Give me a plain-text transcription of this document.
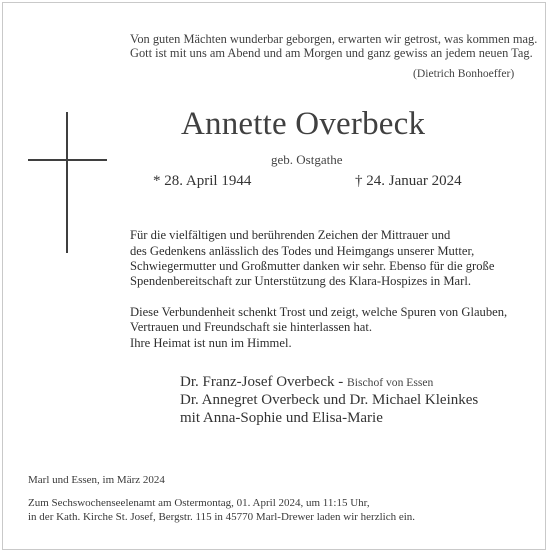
Von guten Mächten wunderbar geborgen, erwarten wir getrost, was kommen mag.
Gott ist mit uns am Abend und am Morgen und ganz gewiss an jedem neuen Tag.
(Dietrich Bonhoeffer)
Annette Overbeck
geb. Ostgathe
* 28. April 1944	† 24. Januar 2024
Für die vielfältigen und berührenden Zeichen der Mittrauer und
des Gedenkens anlässlich des Todes und Heimgangs unserer Mutter,
Schwiegermutter und Großmutter danken wir sehr. Ebenso für die große
Spendenbereitschaft zur Unterstützung des Klara-Hospizes in Marl.
Diese Verbundenheit schenkt Trost und zeigt, welche Spuren von Glauben,
Vertrauen und Freundschaft sie hinterlassen hat.
Ihre Heimat ist nun im Himmel.
Dr. Franz-Josef Overbeck - Bischof von Essen
Dr. Annegret Overbeck und Dr. Michael Kleinkes
mit Anna-Sophie und Elisa-Marie
Marl und Essen, im März 2024
Zum Sechswochenseelenamt am Ostermontag, 01. April 2024, um 11:15 Uhr,
in der Kath. Kirche St. Josef, Bergstr. 115 in 45770 Marl-Drewer laden wir herzlich ein.
